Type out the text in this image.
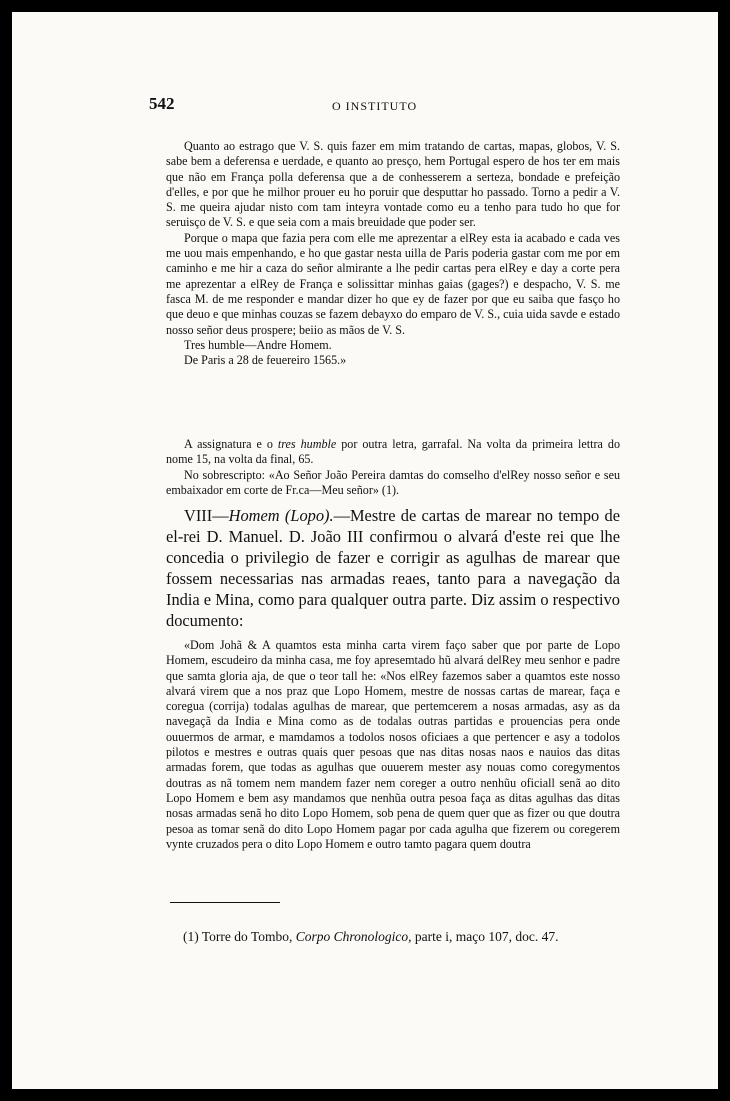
542	O INSTITUTO

Quanto ao estrago que V. S. quis fazer em mim tratando de cartas, mapas, globos, V. S. sabe bem a deferensa e uerdade, e quanto ao presço, hem Portugal espero de hos ter em mais que não em França polla deferensa que a de conhesserem a serteza, bondade e prefeição d'elles, e por que he milhor prouer eu ho poruir que desputtar ho passado. Torno a pedir a V. S. me queira ajudar nisto com tam inteyra vontade como eu a tenho para tudo ho que for seruisço de V. S. e que seia com a mais breuidade que poder ser.

Porque o mapa que fazia pera com elle me aprezentar a elRey esta ia acabado e cada ves me uou mais empenhando, e ho que gastar nesta uilla de Paris poderia gastar com me por em caminho e me hir a caza do señor almirante a lhe pedir cartas pera elRey e day a corte pera me aprezentar a elRey de França e solissittar minhas gaias (gages?) e despacho, V. S. me fasca M. de me responder e mandar dizer ho que ey de fazer por que eu saiba que fasço ho que deuo e que minhas couzas se fazem debayxo do emparo de V. S., cuia uida savde e estado nosso señor deus prospere; beiio as mãos de V. S.

Tres humble—Andre Homem.

De Paris a 28 de feuereiro 1565.»

A assignatura e o tres humble por outra letra, garrafal. Na volta da primeira lettra do nome 15, na volta da final, 65.

No sobrescripto: «Ao Señor João Pereira damtas do comselho d'elRey nosso señor e seu embaixador em corte de Fr.ca—Meu señor» (1).

VIII—Homem (Lopo).—Mestre de cartas de marear no tempo de el-rei D. Manuel. D. João III confirmou o alvará d'este rei que lhe concedia o privilegio de fazer e corrigir as agulhas de marear que fossem necessarias nas armadas reaes, tanto para a navegação da India e Mina, como para qualquer outra parte. Diz assim o respectivo documento:

«Dom Johã & A quamtos esta minha carta virem faço saber que por parte de Lopo Homem, escudeiro da minha casa, me foy apresemtado hũ alvará delRey meu senhor e padre que samta gloria aja, de que o teor tall he: «Nos elRey fazemos saber a quamtos este nosso alvará virem que a nos praz que Lopo Homem, mestre de nossas cartas de marear, faça e coregua (corrija) todalas agulhas de marear, que pertemcerem a nosas armadas, asy as da navegaçã da India e Mina como as de todalas outras partidas e prouencias pera onde ouuermos de armar, e mamdamos a todolos nosos oficiaes a que pertencer e asy a todolos pilotos e mestres e outras quais quer pesoas que nas ditas nosas naos e nauios das ditas armadas forem, que todas as agulhas que ouuerem mester asy nouas como coregymentos doutras as nã tomem nem mandem fazer nem coreger a outro nenhũu oficiall senã ao dito Lopo Homem e bem asy mandamos que nenhũa outra pesoa faça as ditas agulhas das ditas nosas armadas senã ho dito Lopo Homem, sob pena de quem quer que as fizer ou que doutra pesoa as tomar senã do dito Lopo Homem pagar por cada agulha que fizerem ou coregerem vynte cruzados pera o dito Lopo Homem e outro tamto pagara quem doutra

(1) Torre do Tombo, Corpo Chronologico, parte i, maço 107, doc. 47.
